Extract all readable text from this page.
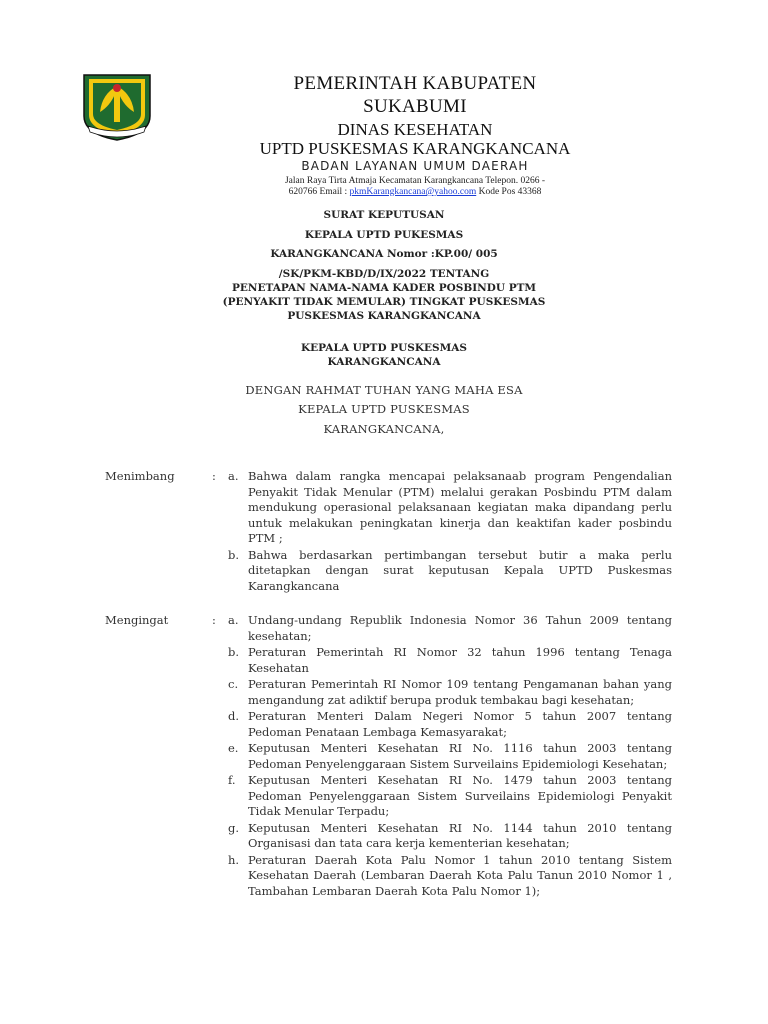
PEMERINTAH KABUPATEN
SUKABUMI
DINAS KESEHATAN
UPTD PUSKESMAS KARANGKANCANA
BADAN LAYANAN UMUM DAERAH
Jalan Raya Tirta Atmaja Kecamatan Karangkancana Telepon. 0266 -
620766 Email : pkmKarangkancana@yahoo.com Kode Pos 43368
SURAT KEPUTUSAN
KEPALA UPTD PUKESMAS
KARANGKANCANA Nomor :KP.00/ 005
/SK/PKM-KBD/D/IX/2022 TENTANG
PENETAPAN NAMA-NAMA KADER POSBINDU PTM
(PENYAKIT TIDAK MEMULAR) TINGKAT PUSKESMAS
PUSKESMAS KARANGKANCANA
KEPALA UPTD PUSKESMAS
KARANGKANCANA
DENGAN RAHMAT TUHAN YANG MAHA ESA
KEPALA UPTD PUSKESMAS
KARANGKANCANA,
Menimbang	: a. Bahwa dalam rangka mencapai pelaksanaab program Pengendalian Penyakit Tidak Menular (PTM) melalui gerakan Posbindu PTM dalam mendukung operasional pelaksanaan kegiatan maka dipandang perlu untuk melakukan peningkatan kinerja dan keaktifan kader posbindu PTM ;
b. Bahwa berdasarkan pertimbangan tersebut butir a maka perlu ditetapkan dengan surat keputusan Kepala UPTD Puskesmas Karangkancana
Mengingat	: a. Undang-undang Republik Indonesia Nomor 36 Tahun 2009 tentang kesehatan;
b. Peraturan Pemerintah RI Nomor 32 tahun 1996 tentang Tenaga Kesehatan
c. Peraturan Pemerintah RI Nomor 109 tentang Pengamanan bahan yang mengandung zat adiktif berupa produk tembakau bagi kesehatan;
d. Peraturan Menteri Dalam Negeri Nomor 5 tahun 2007 tentang Pedoman Penataan Lembaga Kemasyarakat;
e. Keputusan Menteri Kesehatan RI No. 1116 tahun 2003 tentang Pedoman Penyelenggaraan Sistem Surveilains Epidemiologi Kesehatan;
f. Keputusan Menteri Kesehatan RI No. 1479 tahun 2003 tentang Pedoman Penyelenggaraan Sistem Surveilains Epidemiologi Penyakit Tidak Menular Terpadu;
g. Keputusan Menteri Kesehatan RI No. 1144 tahun 2010 tentang Organisasi dan tata cara kerja kementerian kesehatan;
h. Peraturan Daerah Kota Palu Nomor 1 tahun 2010 tentang Sistem Kesehatan Daerah (Lembaran Daerah Kota Palu Tanun 2010 Nomor 1 , Tambahan Lembaran Daerah Kota Palu Nomor 1);
